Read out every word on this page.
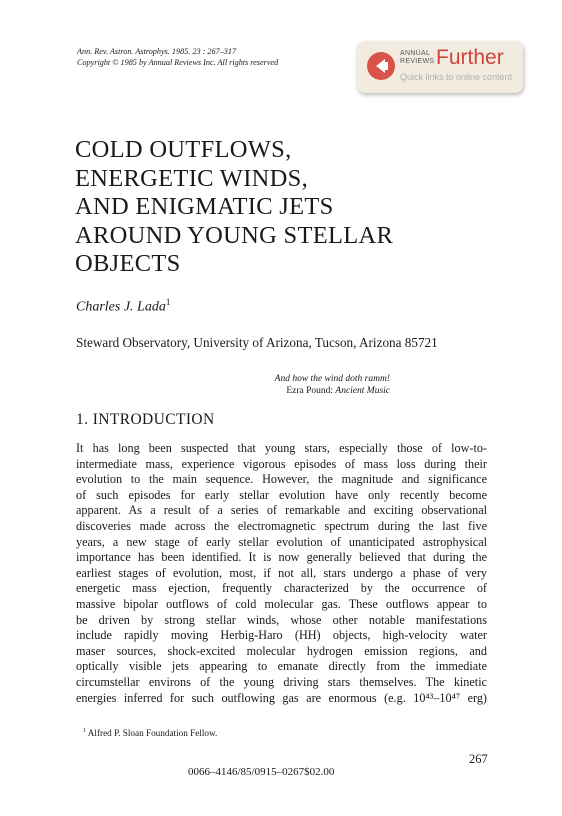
Ann. Rev. Astron. Astrophys. 1985. 23 : 267–317
Copyright © 1985 by Annual Reviews Inc. All rights reserved
ANNUAL
REVIEWS Further
Quick links to online content
COLD OUTFLOWS,
ENERGETIC WINDS,
AND ENIGMATIC JETS
AROUND YOUNG STELLAR
OBJECTS
Charles J. Lada$^1$
Steward Observatory, University of Arizona, Tucson, Arizona 85721
And how the wind doth ramm!
Ezra Pound: Ancient Music
1. INTRODUCTION
It has long been suspected that young stars, especially those of low-to-
intermediate mass, experience vigorous episodes of mass loss during their
evolution to the main sequence. However, the magnitude and significance
of such episodes for early stellar evolution have only recently become
apparent. As a result of a series of remarkable and exciting observational
discoveries made across the electromagnetic spectrum during the last five
years, a new stage of early stellar evolution of unanticipated astrophysical
importance has been identified. It is now generally believed that during the
earliest stages of evolution, most, if not all, stars undergo a phase of very
energetic mass ejection, frequently characterized by the occurrence of
massive bipolar outflows of cold molecular gas. These outflows appear to
be driven by strong stellar winds, whose other notable manifestations
include rapidly moving Herbig-Haro (HH) objects, high-velocity water
maser sources, shock-excited molecular hydrogen emission regions, and
optically visible jets appearing to emanate directly from the immediate
circumstellar environs of the young driving stars themselves. The kinetic
energies inferred for such outflowing gas are enormous (e.g. 10⁴³–10⁴⁷ erg)
$^1$ Alfred P. Sloan Foundation Fellow.
267
0066–4146/85/0915–0267$02.00
